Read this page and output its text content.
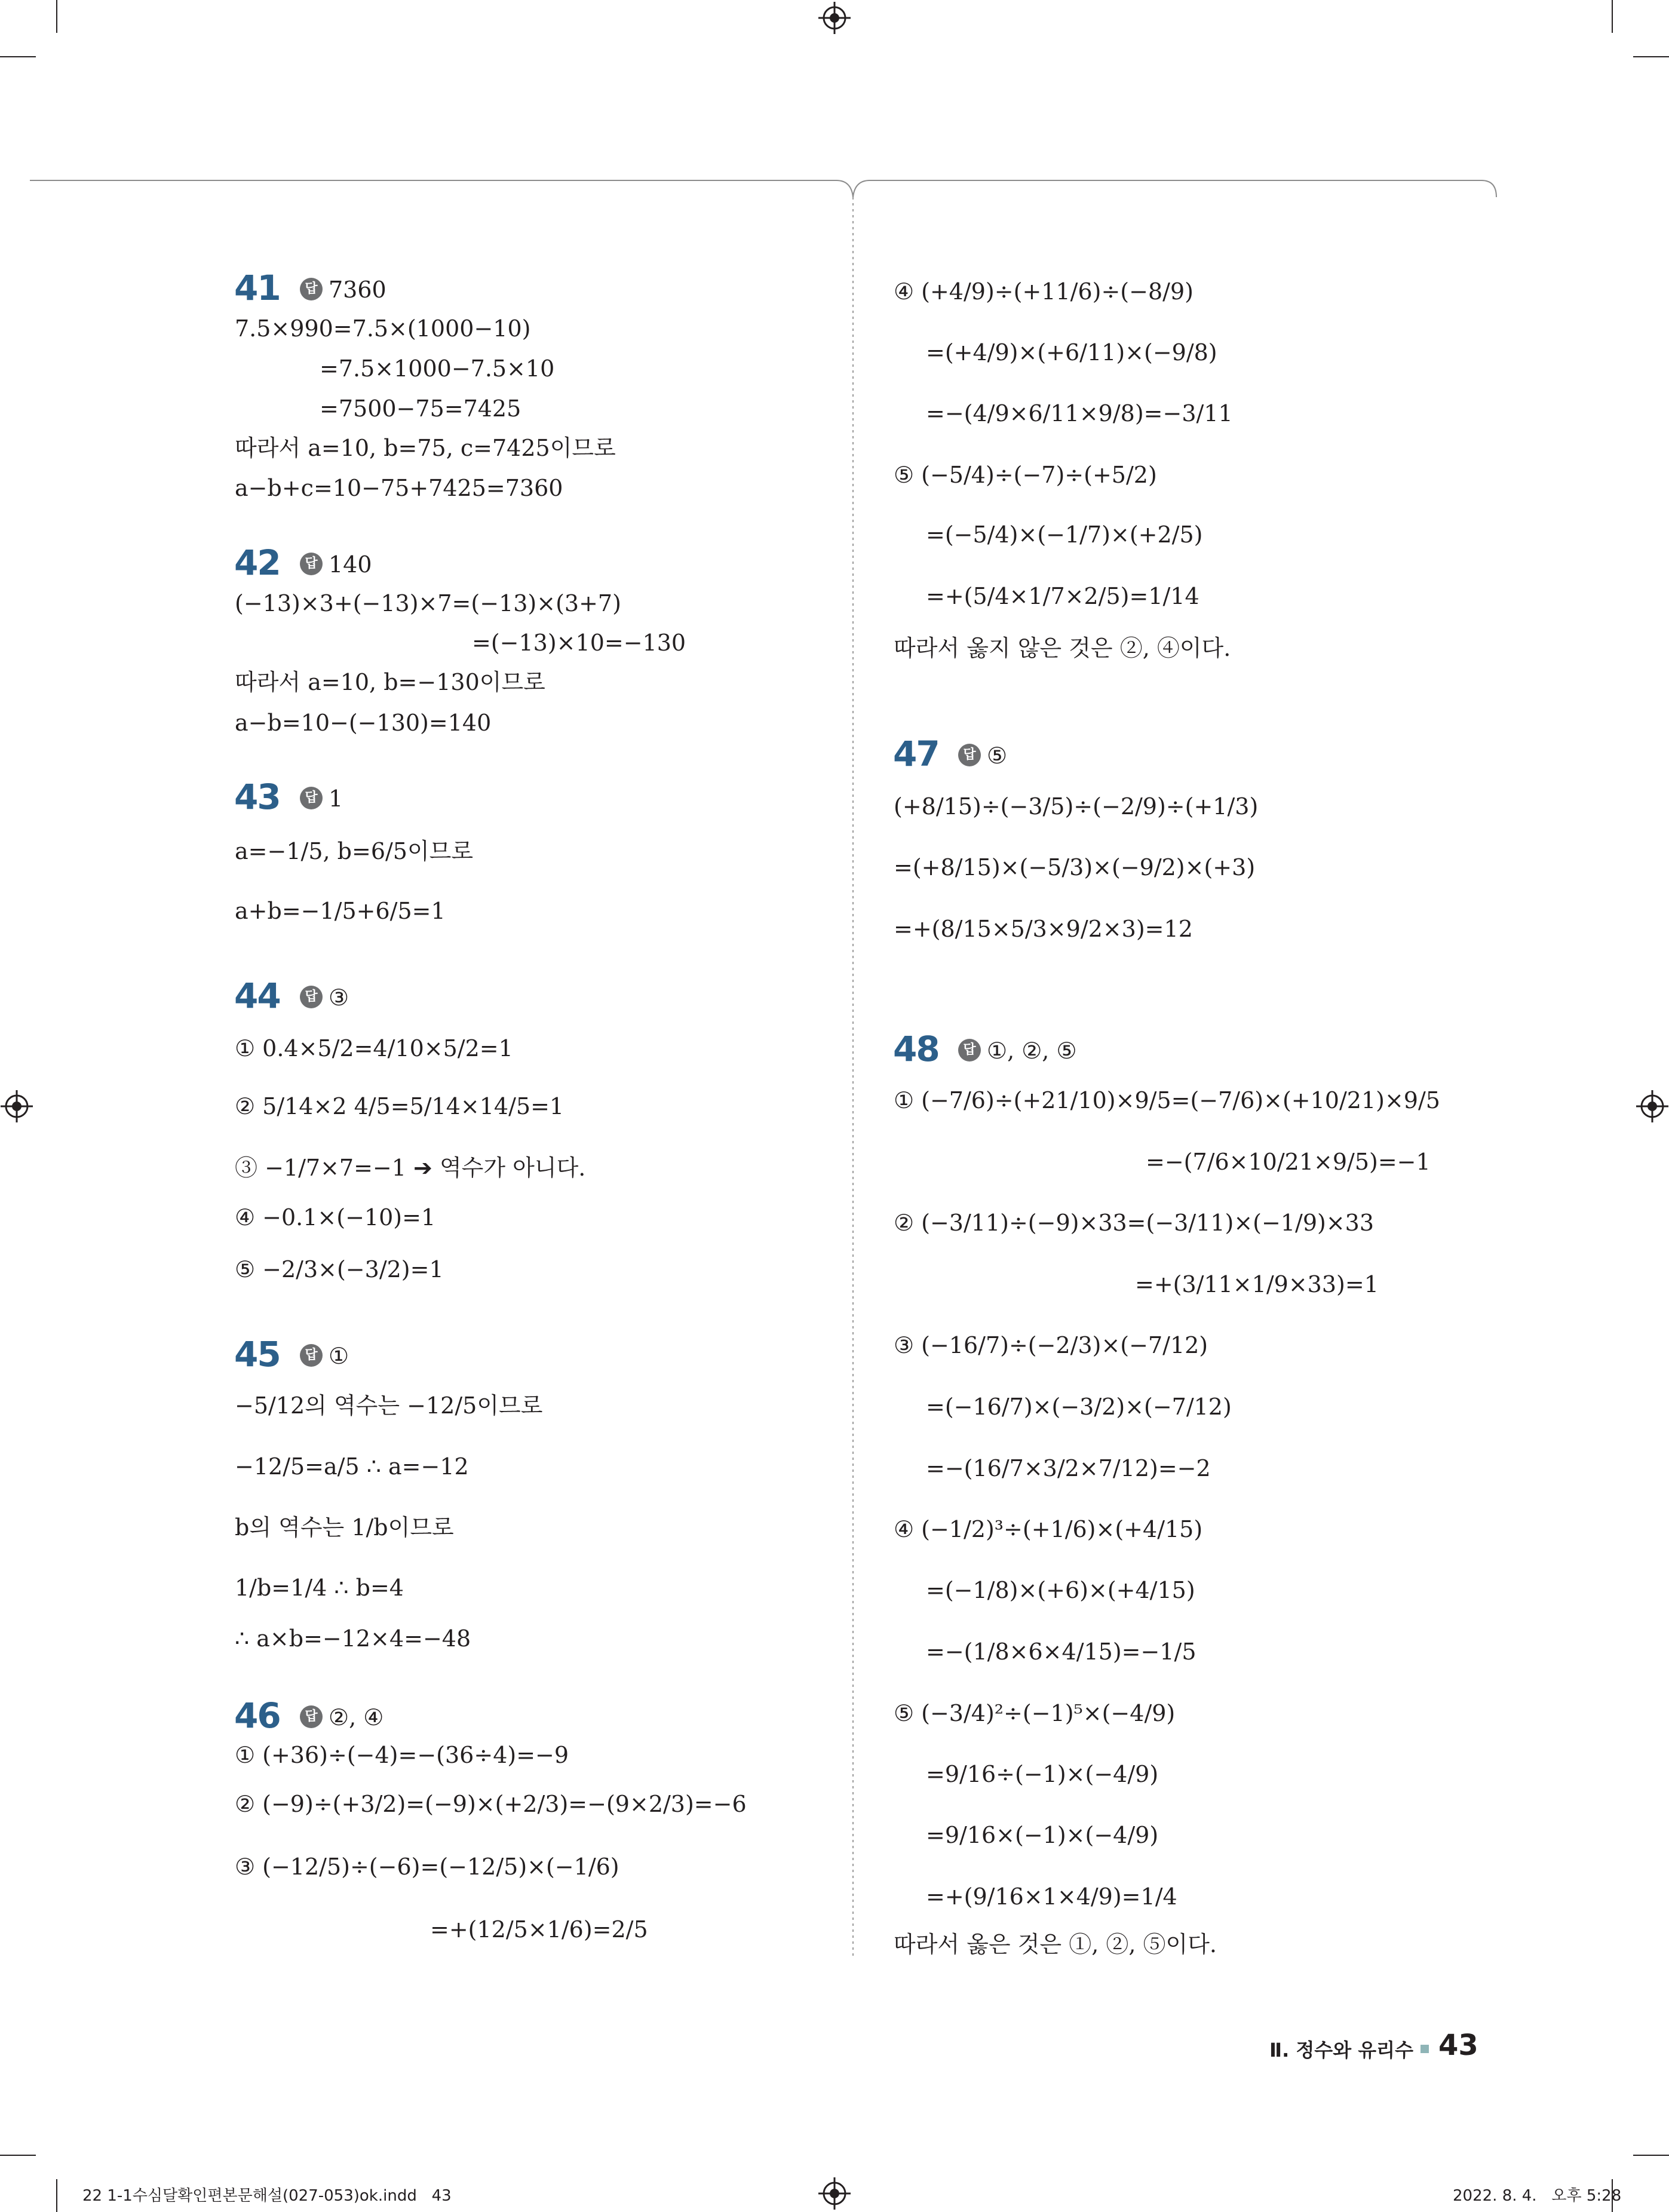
41	답 7360
7.5×990=7.5×(1000−10)
=7.5×1000−7.5×10
=7500−75=7425
따라서 a=10, b=75, c=7425이므로
a−b+c=10−75+7425=7360
42	답 140
(−13)×3+(−13)×7=(−13)×(3+7)
=(−13)×10=−130
따라서 a=10, b=−130이므로
a−b=10−(−130)=140
43	답 1
a=−1/5, b=6/5이므로
a+b=−1/5+6/5=1
44	답 ③
① 0.4×5/2=4/10×5/2=1
② 5/14×2 4/5=5/14×14/5=1
③ −1/7×7=−1 ➔ 역수가 아니다.
④ −0.1×(−10)=1
⑤ −2/3×(−3/2)=1
45	답 ①
−5/12의 역수는 −12/5이므로
−12/5=a/5 ∴ a=−12
b의 역수는 1/b이므로
1/b=1/4 ∴ b=4
∴ a×b=−12×4=−48
46	답 ②, ④
① (+36)÷(−4)=−(36÷4)=−9
② (−9)÷(+3/2)=(−9)×(+2/3)=−(9×2/3)=−6
③ (−12/5)÷(−6)=(−12/5)×(−1/6)
=+(12/5×1/6)=2/5
④ (+4/9)÷(+11/6)÷(−8/9)
=(+4/9)×(+6/11)×(−9/8)
=−(4/9×6/11×9/8)=−3/11
⑤ (−5/4)÷(−7)÷(+5/2)
=(−5/4)×(−1/7)×(+2/5)
=+(5/4×1/7×2/5)=1/14
따라서 옳지 않은 것은 ②, ④이다.
47	답 ⑤
(+8/15)÷(−3/5)÷(−2/9)÷(+1/3)
=(+8/15)×(−5/3)×(−9/2)×(+3)
=+(8/15×5/3×9/2×3)=12
48	답 ①, ②, ⑤
① (−7/6)÷(+21/10)×9/5=(−7/6)×(+10/21)×9/5
=−(7/6×10/21×9/5)=−1
② (−3/11)÷(−9)×33=(−3/11)×(−1/9)×33
=+(3/11×1/9×33)=1
③ (−16/7)÷(−2/3)×(−7/12)
=(−16/7)×(−3/2)×(−7/12)
=−(16/7×3/2×7/12)=−2
④ (−1/2)³÷(+1/6)×(+4/15)
=(−1/8)×(+6)×(+4/15)
=−(1/8×6×4/15)=−1/5
⑤ (−3/4)²÷(−1)⁵×(−4/9)
=9/16÷(−1)×(−4/9)
=9/16×(−1)×(−4/9)
=+(9/16×1×4/9)=1/4
따라서 옳은 것은 ①, ②, ⑤이다.
Ⅱ. 정수와 유리수 43
22 1-1수심달확인편본문해설(027-053)ok.indd   43	2022. 8. 4.   오후 5:28
